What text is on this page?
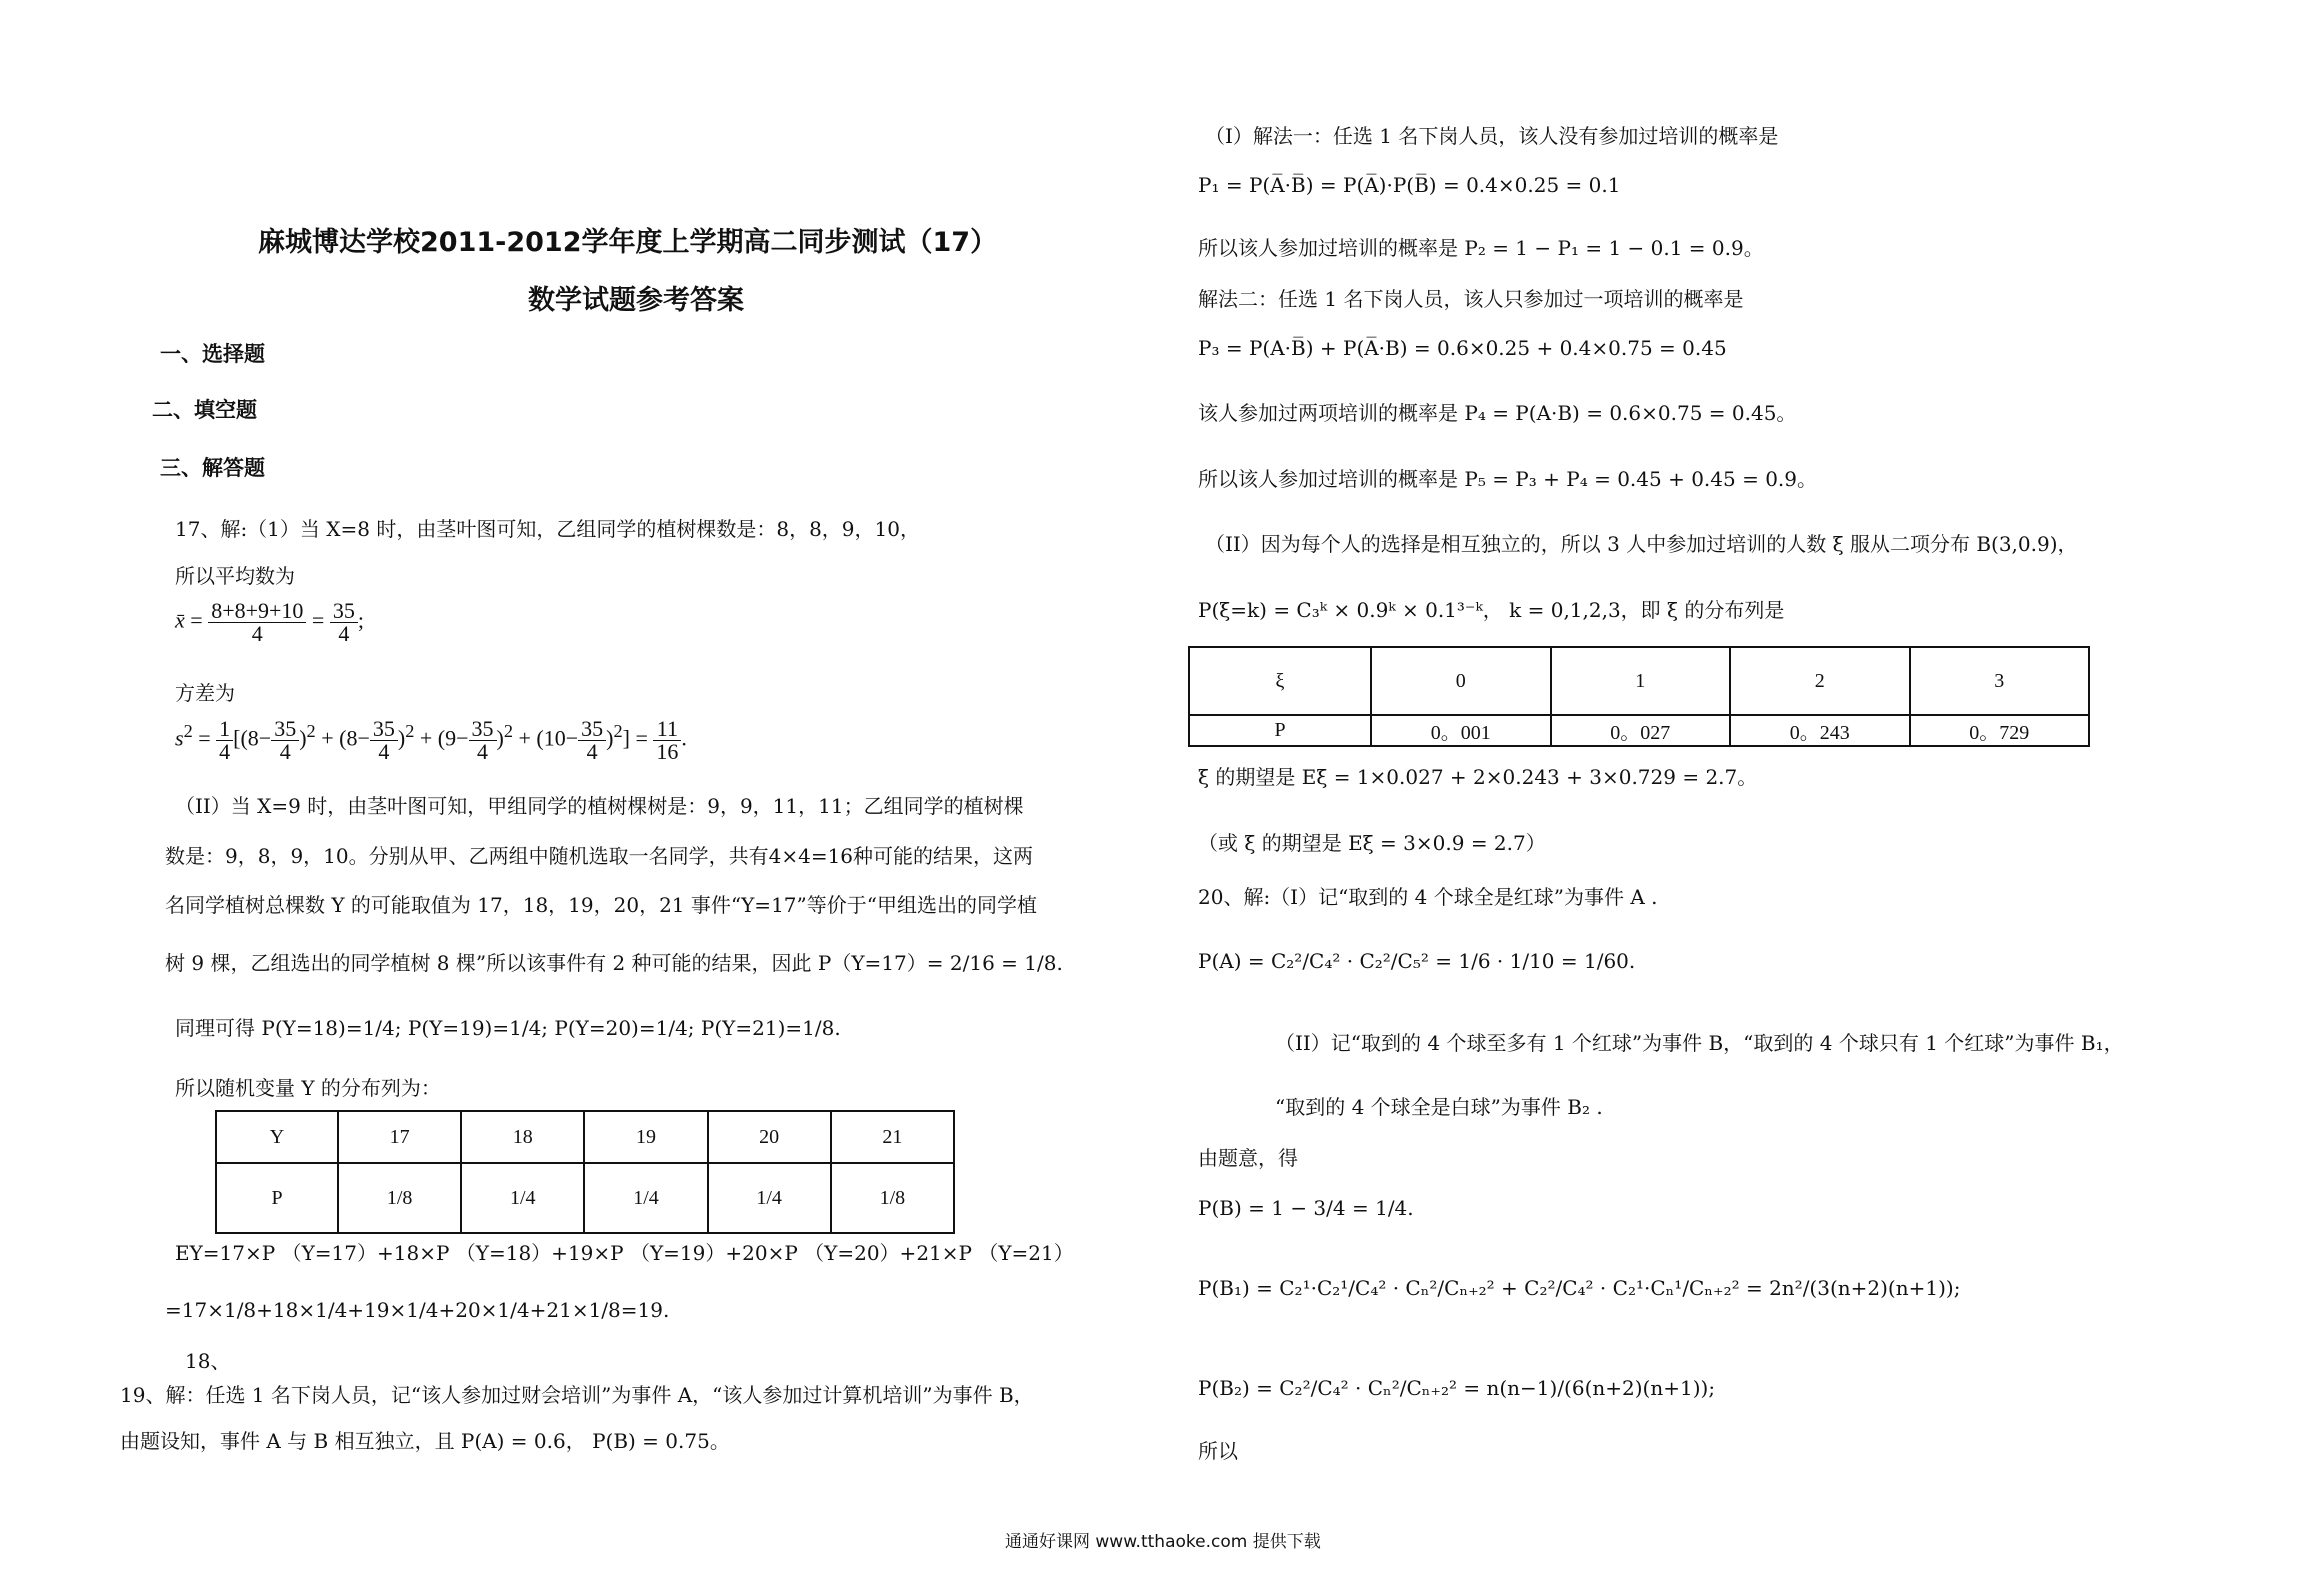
麻城博达学校2011-2012学年度上学期高二同步测试（17）
数学试题参考答案
一、选择题
二、填空题
三、解答题
17、解:（1）当 X=8 时，由茎叶图可知，乙组同学的植树棵数是：8，8，9，10，
所以平均数为
x̄ = $\frac{8+8+9+10}{4} = \frac{35}{4}$ ;
方差为
$s^2 = \frac{1}{4} [(8- \frac{35}{4} )^2 + (8- \frac{35}{4} )^2 + (9- \frac{35}{4} )^2 + (10- \frac{35}{4} )^2] = \frac{11}{16}$ .
（II）当 X=9 时，由茎叶图可知，甲组同学的植树棵树是：9，9，11，11；乙组同学的植树棵
数是：9，8，9，10。分别从甲、乙两组中随机选取一名同学，共有4×4=16种可能的结果，这两
名同学植树总棵数 Y 的可能取值为 17，18，19，20，21 事件“Y=17”等价于“甲组选出的同学植
树 9 棵，乙组选出的同学植树 8 棵”所以该事件有 2 种可能的结果，因此 P（Y=17）= 2/16 = 1/8.
同理可得 P(Y=18)=1/4; P(Y=19)=1/4; P(Y=20)=1/4; P(Y=21)=1/8.
所以随机变量 Y 的分布列为：
Y	17	18	19	20	21
P	1/8	1/4	1/4	1/4	1/8
EY=17×P （Y=17）+18×P （Y=18）+19×P （Y=19）+20×P （Y=20）+21×P （Y=21）
=17×1/8+18×1/4+19×1/4+20×1/4+21×1/8=19.
18、
19、解：任选 1 名下岗人员，记“该人参加过财会培训”为事件 A，“该人参加过计算机培训”为事件 B，
由题设知，事件 A 与 B 相互独立，且 P(A) = 0.6， P(B) = 0.75。
（I）解法一：任选 1 名下岗人员，该人没有参加过培训的概率是
P₁ = P(A̅·B̅) = P(A̅)·P(B̅) = 0.4×0.25 = 0.1
所以该人参加过培训的概率是 P₂ = 1 − P₁ = 1 − 0.1 = 0.9。
解法二：任选 1 名下岗人员，该人只参加过一项培训的概率是
P₃ = P(A·B̅) + P(A̅·B) = 0.6×0.25 + 0.4×0.75 = 0.45
该人参加过两项培训的概率是 P₄ = P(A·B) = 0.6×0.75 = 0.45。
所以该人参加过培训的概率是 P₅ = P₃ + P₄ = 0.45 + 0.45 = 0.9。
（II）因为每个人的选择是相互独立的，所以 3 人中参加过培训的人数 ξ 服从二项分布 B(3,0.9)，
P(ξ=k) = C₃ᵏ × 0.9ᵏ × 0.1³⁻ᵏ， k = 0,1,2,3，即 ξ 的分布列是
ξ	0	1	2	3
P	0。001	0。027	0。243	0。729
ξ 的期望是 Eξ = 1×0.027 + 2×0.243 + 3×0.729 = 2.7。
（或 ξ 的期望是 Eξ = 3×0.9 = 2.7）
20、解:（I）记“取到的 4 个球全是红球”为事件 A .
P(A) = C₂²/C₄² · C₂²/C₅² = 1/6 · 1/10 = 1/60.
（II）记“取到的 4 个球至多有 1 个红球”为事件 B，“取到的 4 个球只有 1 个红球”为事件 B₁，
“取到的 4 个球全是白球”为事件 B₂ .
由题意，得
P(B) = 1 − 3/4 = 1/4.
P(B₁) = C₂¹·C₂¹/C₄² · Cₙ²/Cₙ₊₂² + C₂²/C₄² · C₂¹·Cₙ¹/Cₙ₊₂² = 2n²/(3(n+2)(n+1));
P(B₂) = C₂²/C₄² · Cₙ²/Cₙ₊₂² = n(n−1)/(6(n+2)(n+1));
所以
通通好课网 www.tthaoke.com 提供下载
